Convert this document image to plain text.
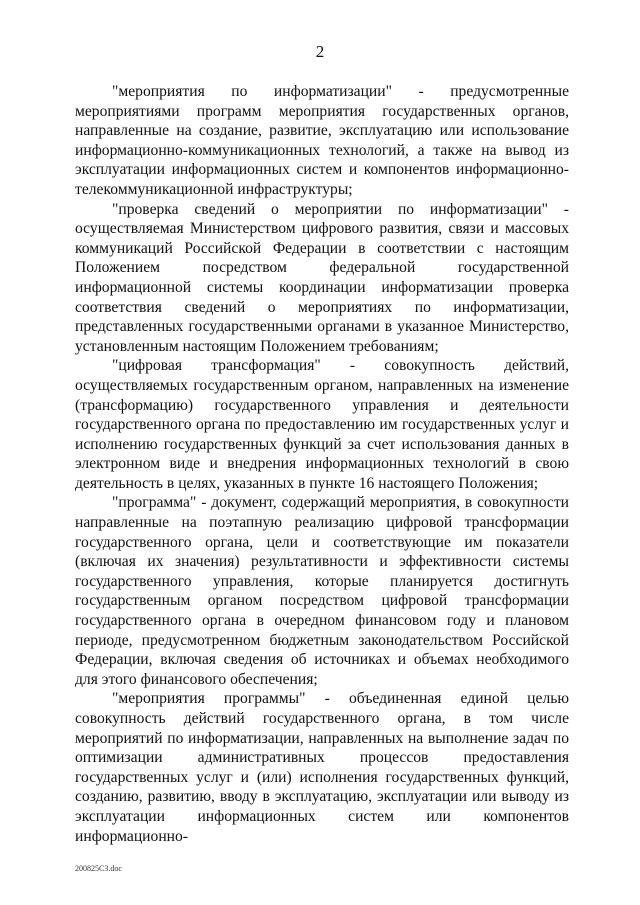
2

"мероприятия по информатизации" - предусмотренные мероприятиями программ мероприятия государственных органов, направленные на создание, развитие, эксплуатацию или использование информационно-коммуникационных технологий, а также на вывод из эксплуатации информационных систем и компонентов информационно-телекоммуникационной инфраструктуры;

"проверка сведений о мероприятии по информатизации" - осуществляемая Министерством цифрового развития, связи и массовых коммуникаций Российской Федерации в соответствии с настоящим Положением посредством федеральной государственной информационной системы координации информатизации проверка соответствия сведений о мероприятиях по информатизации, представленных государственными органами в указанное Министерство, установленным настоящим Положением требованиям;

"цифровая трансформация" - совокупность действий, осуществляемых государственным органом, направленных на изменение (трансформацию) государственного управления и деятельности государственного органа по предоставлению им государственных услуг и исполнению государственных функций за счет использования данных в электронном виде и внедрения информационных технологий в свою деятельность в целях, указанных в пункте 16 настоящего Положения;

"программа" - документ, содержащий мероприятия, в совокупности направленные на поэтапную реализацию цифровой трансформации государственного органа, цели и соответствующие им показатели (включая их значения) результативности и эффективности системы государственного управления, которые планируется достигнуть государственным органом посредством цифровой трансформации государственного органа в очередном финансовом году и плановом периоде, предусмотренном бюджетным законодательством Российской Федерации, включая сведения об источниках и объемах необходимого для этого финансового обеспечения;

"мероприятия программы" - объединенная единой целью совокупность действий государственного органа, в том числе мероприятий по информатизации, направленных на выполнение задач по оптимизации административных процессов предоставления государственных услуг и (или) исполнения государственных функций, созданию, развитию, вводу в эксплуатацию, эксплуатации или выводу из эксплуатации информационных систем или компонентов информационно-

200825C3.doc
